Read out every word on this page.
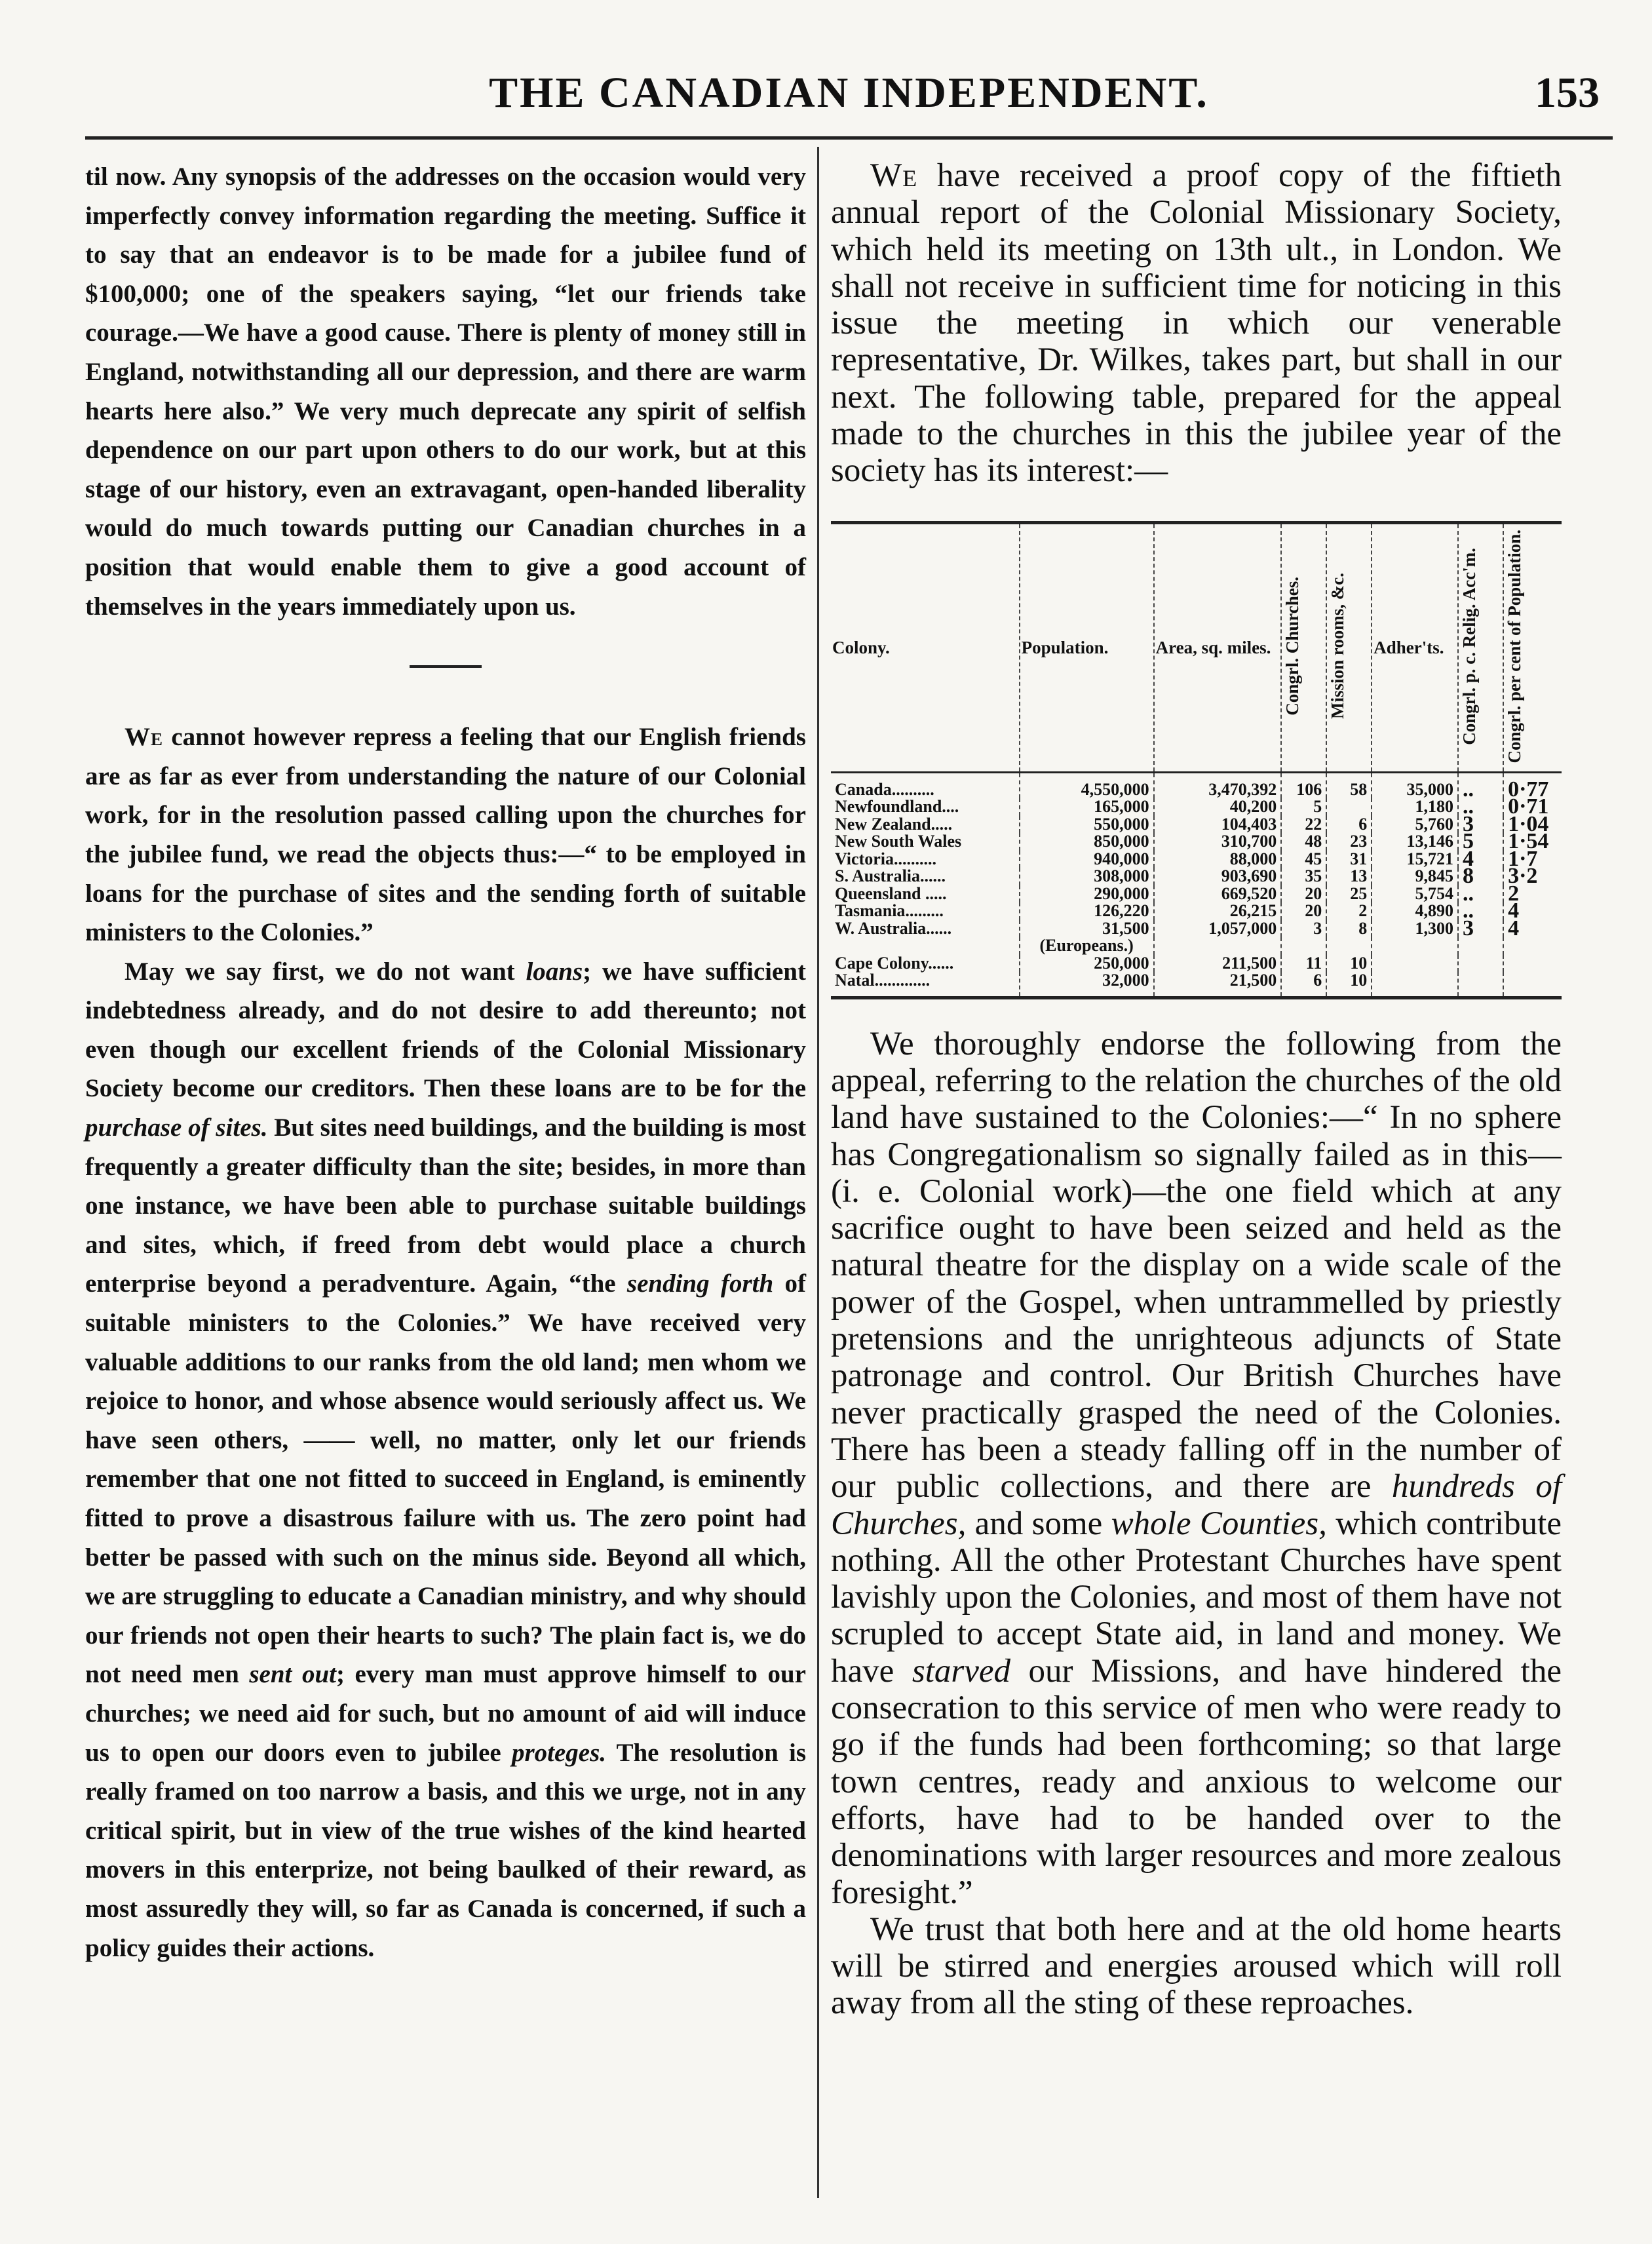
THE CANADIAN INDEPENDENT.	153

til now. Any synopsis of the addresses on the occasion would very imperfectly convey information regarding the meeting. Suffice it to say that an endeavor is to be made for a jubilee fund of $100,000; one of the speakers saying, “let our friends take courage.—We have a good cause. There is plenty of money still in England, notwithstanding all our depression, and there are warm hearts here also.” We very much deprecate any spirit of selfish dependence on our part upon others to do our work, but at this stage of our history, even an extravagant, open-handed liberality would do much towards putting our Canadian churches in a position that would enable them to give a good account of themselves in the years immediately upon us.

We cannot however repress a feeling that our English friends are as far as ever from understanding the nature of our Colonial work, for in the resolution passed calling upon the churches for the jubilee fund, we read the objects thus:—“ to be employed in loans for the purchase of sites and the sending forth of suitable ministers to the Colonies.”

May we say first, we do not want loans; we have sufficient indebtedness already, and do not desire to add thereunto; not even though our excellent friends of the Colonial Missionary Society become our creditors. Then these loans are to be for the purchase of sites. But sites need buildings, and the building is most frequently a greater difficulty than the site; besides, in more than one instance, we have been able to purchase suitable buildings and sites, which, if freed from debt would place a church enterprise beyond a peradventure. Again, “the sending forth of suitable ministers to the Colonies.” We have received very valuable additions to our ranks from the old land; men whom we rejoice to honor, and whose absence would seriously affect us. We have seen others, —— well, no matter, only let our friends remember that one not fitted to succeed in England, is eminently fitted to prove a disastrous failure with us. The zero point had better be passed with such on the minus side. Beyond all which, we are struggling to educate a Canadian ministry, and why should our friends not open their hearts to such? The plain fact is, we do not need men sent out; every man must approve himself to our churches; we need aid for such, but no amount of aid will induce us to open our doors even to jubilee proteges. The resolution is really framed on too narrow a basis, and this we urge, not in any critical spirit, but in view of the true wishes of the kind hearted movers in this enterprize, not being baulked of their reward, as most assuredly they will, so far as Canada is concerned, if such a policy guides their actions.

We have received a proof copy of the fiftieth annual report of the Colonial Missionary Society, which held its meeting on 13th ult., in London. We shall not receive in sufficient time for noticing in this issue the meeting in which our venerable representative, Dr. Wilkes, takes part, but shall in our next. The following table, prepared for the appeal made to the churches in this the jubilee year of the society has its interest:—

Colony.	Population.	Area, sq. miles.	Congrl. Churches.	Mission rooms, &c.	Adher'ts.	Congrl. p. c. Relig. Acc'm.	Congrl. per cent of Population.
Canada..........	4,550,000	3,470,392	106	58	35,000	..	0·77
Newfoundland....	165,000	40,200	5		1,180	..	0·71
New Zealand.....	550,000	104,403	22	6	5,760	3	1·04
New South Wales	850,000	310,700	48	23	13,146	5	1·54
Victoria..........	940,000	88,000	45	31	15,721	4	1·7
S. Australia......	308,000	903,690	35	13	9,845	8	3·2
Queensland .....	290,000	669,520	20	25	5,754	..	2
Tasmania.........	126,220	26,215	20	2	4,890	..	4
W. Australia......	31,500	1,057,000	3	8	1,300	3	4
	(Europeans.)						
Cape Colony......	250,000	211,500	11	10			
Natal.............	32,000	21,500	6	10			

We thoroughly endorse the following from the appeal, referring to the relation the churches of the old land have sustained to the Colonies:—“ In no sphere has Congregationalism so signally failed as in this—(i. e. Colonial work)—the one field which at any sacrifice ought to have been seized and held as the natural theatre for the display on a wide scale of the power of the Gospel, when untrammelled by priestly pretensions and the unrighteous adjuncts of State patronage and control. Our British Churches have never practically grasped the need of the Colonies. There has been a steady falling off in the number of our public collections, and there are hundreds of Churches, and some whole Counties, which contribute nothing. All the other Protestant Churches have spent lavishly upon the Colonies, and most of them have not scrupled to accept State aid, in land and money. We have starved our Missions, and have hindered the consecration to this service of men who were ready to go if the funds had been forthcoming; so that large town centres, ready and anxious to welcome our efforts, have had to be handed over to the denominations with larger resources and more zealous foresight.”

We trust that both here and at the old home hearts will be stirred and energies aroused which will roll away from all the sting of these reproaches.
